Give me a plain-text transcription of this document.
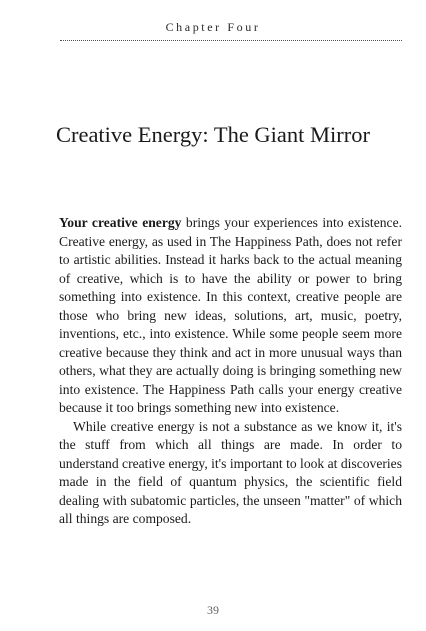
Chapter Four
Creative Energy: The Giant Mirror

Your creative energy brings your experiences into existence. Creative energy, as used in The Happiness Path, does not refer to artistic abilities. Instead it harks back to the actual meaning of creative, which is to have the ability or power to bring something into existence. In this context, creative people are those who bring new ideas, solutions, art, music, poetry, inventions, etc., into existence. While some people seem more creative because they think and act in more unusual ways than others, what they are actually doing is bringing something new into existence. The Happiness Path calls your energy creative because it too brings something new into existence.

While creative energy is not a substance as we know it, it's the stuff from which all things are made. In order to understand creative energy, it's important to look at discoveries made in the field of quantum physics, the scientific field dealing with subatomic particles, the unseen "matter" of which all things are composed.

39
